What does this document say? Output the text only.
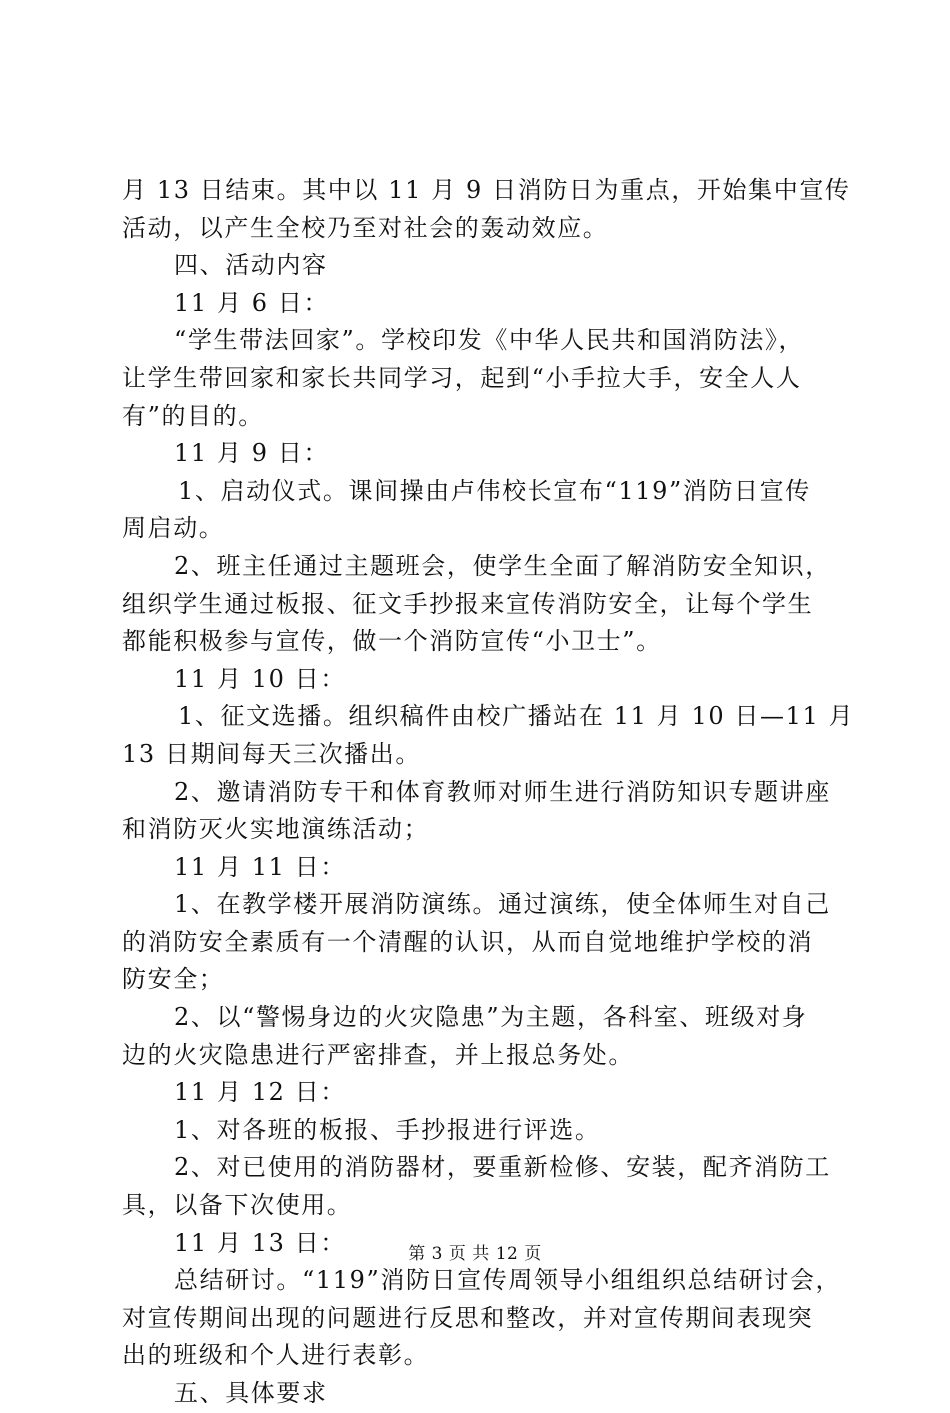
月 13 日结束。其中以 11 月 9 日消防日为重点，开始集中宣传
活动，以产生全校乃至对社会的轰动效应。
四、活动内容
11 月 6 日：
“学生带法回家”。学校印发《中华人民共和国消防法》，
让学生带回家和家长共同学习，起到“小手拉大手，安全人人
有”的目的。
11 月 9 日：
1、启动仪式。课间操由卢伟校长宣布“119”消防日宣传
周启动。
2、班主任通过主题班会，使学生全面了解消防安全知识，
组织学生通过板报、征文手抄报来宣传消防安全，让每个学生
都能积极参与宣传，做一个消防宣传“小卫士”。
11 月 10 日：
1、征文选播。组织稿件由校广播站在 11 月 10 日—11 月
13 日期间每天三次播出。
2、邀请消防专干和体育教师对师生进行消防知识专题讲座
和消防灭火实地演练活动；
11 月 11 日：
1、在教学楼开展消防演练。通过演练，使全体师生对自己
的消防安全素质有一个清醒的认识，从而自觉地维护学校的消
防安全；
2、以“警惕身边的火灾隐患”为主题，各科室、班级对身
边的火灾隐患进行严密排查，并上报总务处。
11 月 12 日：
1、对各班的板报、手抄报进行评选。
2、对已使用的消防器材，要重新检修、安装，配齐消防工
具，以备下次使用。
11 月 13 日：
总结研讨。“119”消防日宣传周领导小组组织总结研讨会，
对宣传期间出现的问题进行反思和整改，并对宣传期间表现突
出的班级和个人进行表彰。
五、具体要求
第 3 页 共 12 页
